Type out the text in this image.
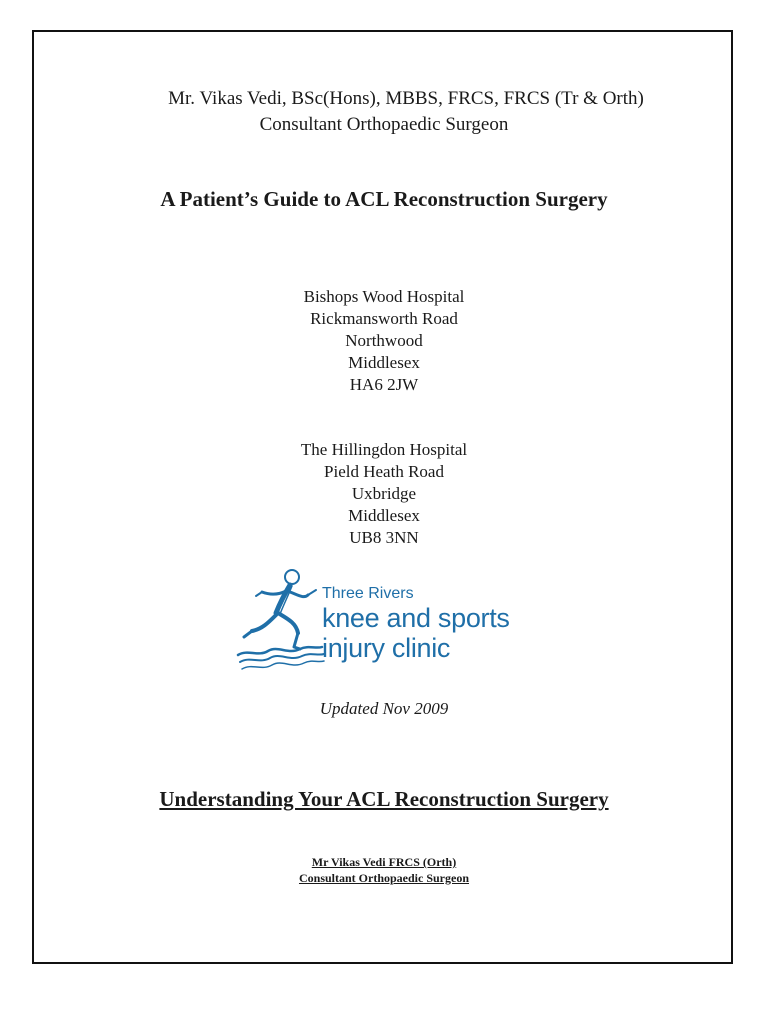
Mr. Vikas Vedi, BSc(Hons), MBBS, FRCS, FRCS (Tr & Orth)
Consultant Orthopaedic Surgeon
A Patient’s Guide to ACL Reconstruction Surgery
Bishops Wood Hospital
Rickmansworth Road
Northwood
Middlesex
HA6 2JW
The Hillingdon Hospital
Pield Heath Road
Uxbridge
Middlesex
UB8 3NN
Three Rivers
knee and sports
injury clinic
Updated Nov 2009
Understanding Your ACL Reconstruction Surgery
Mr Vikas Vedi FRCS (Orth)
Consultant Orthopaedic Surgeon
